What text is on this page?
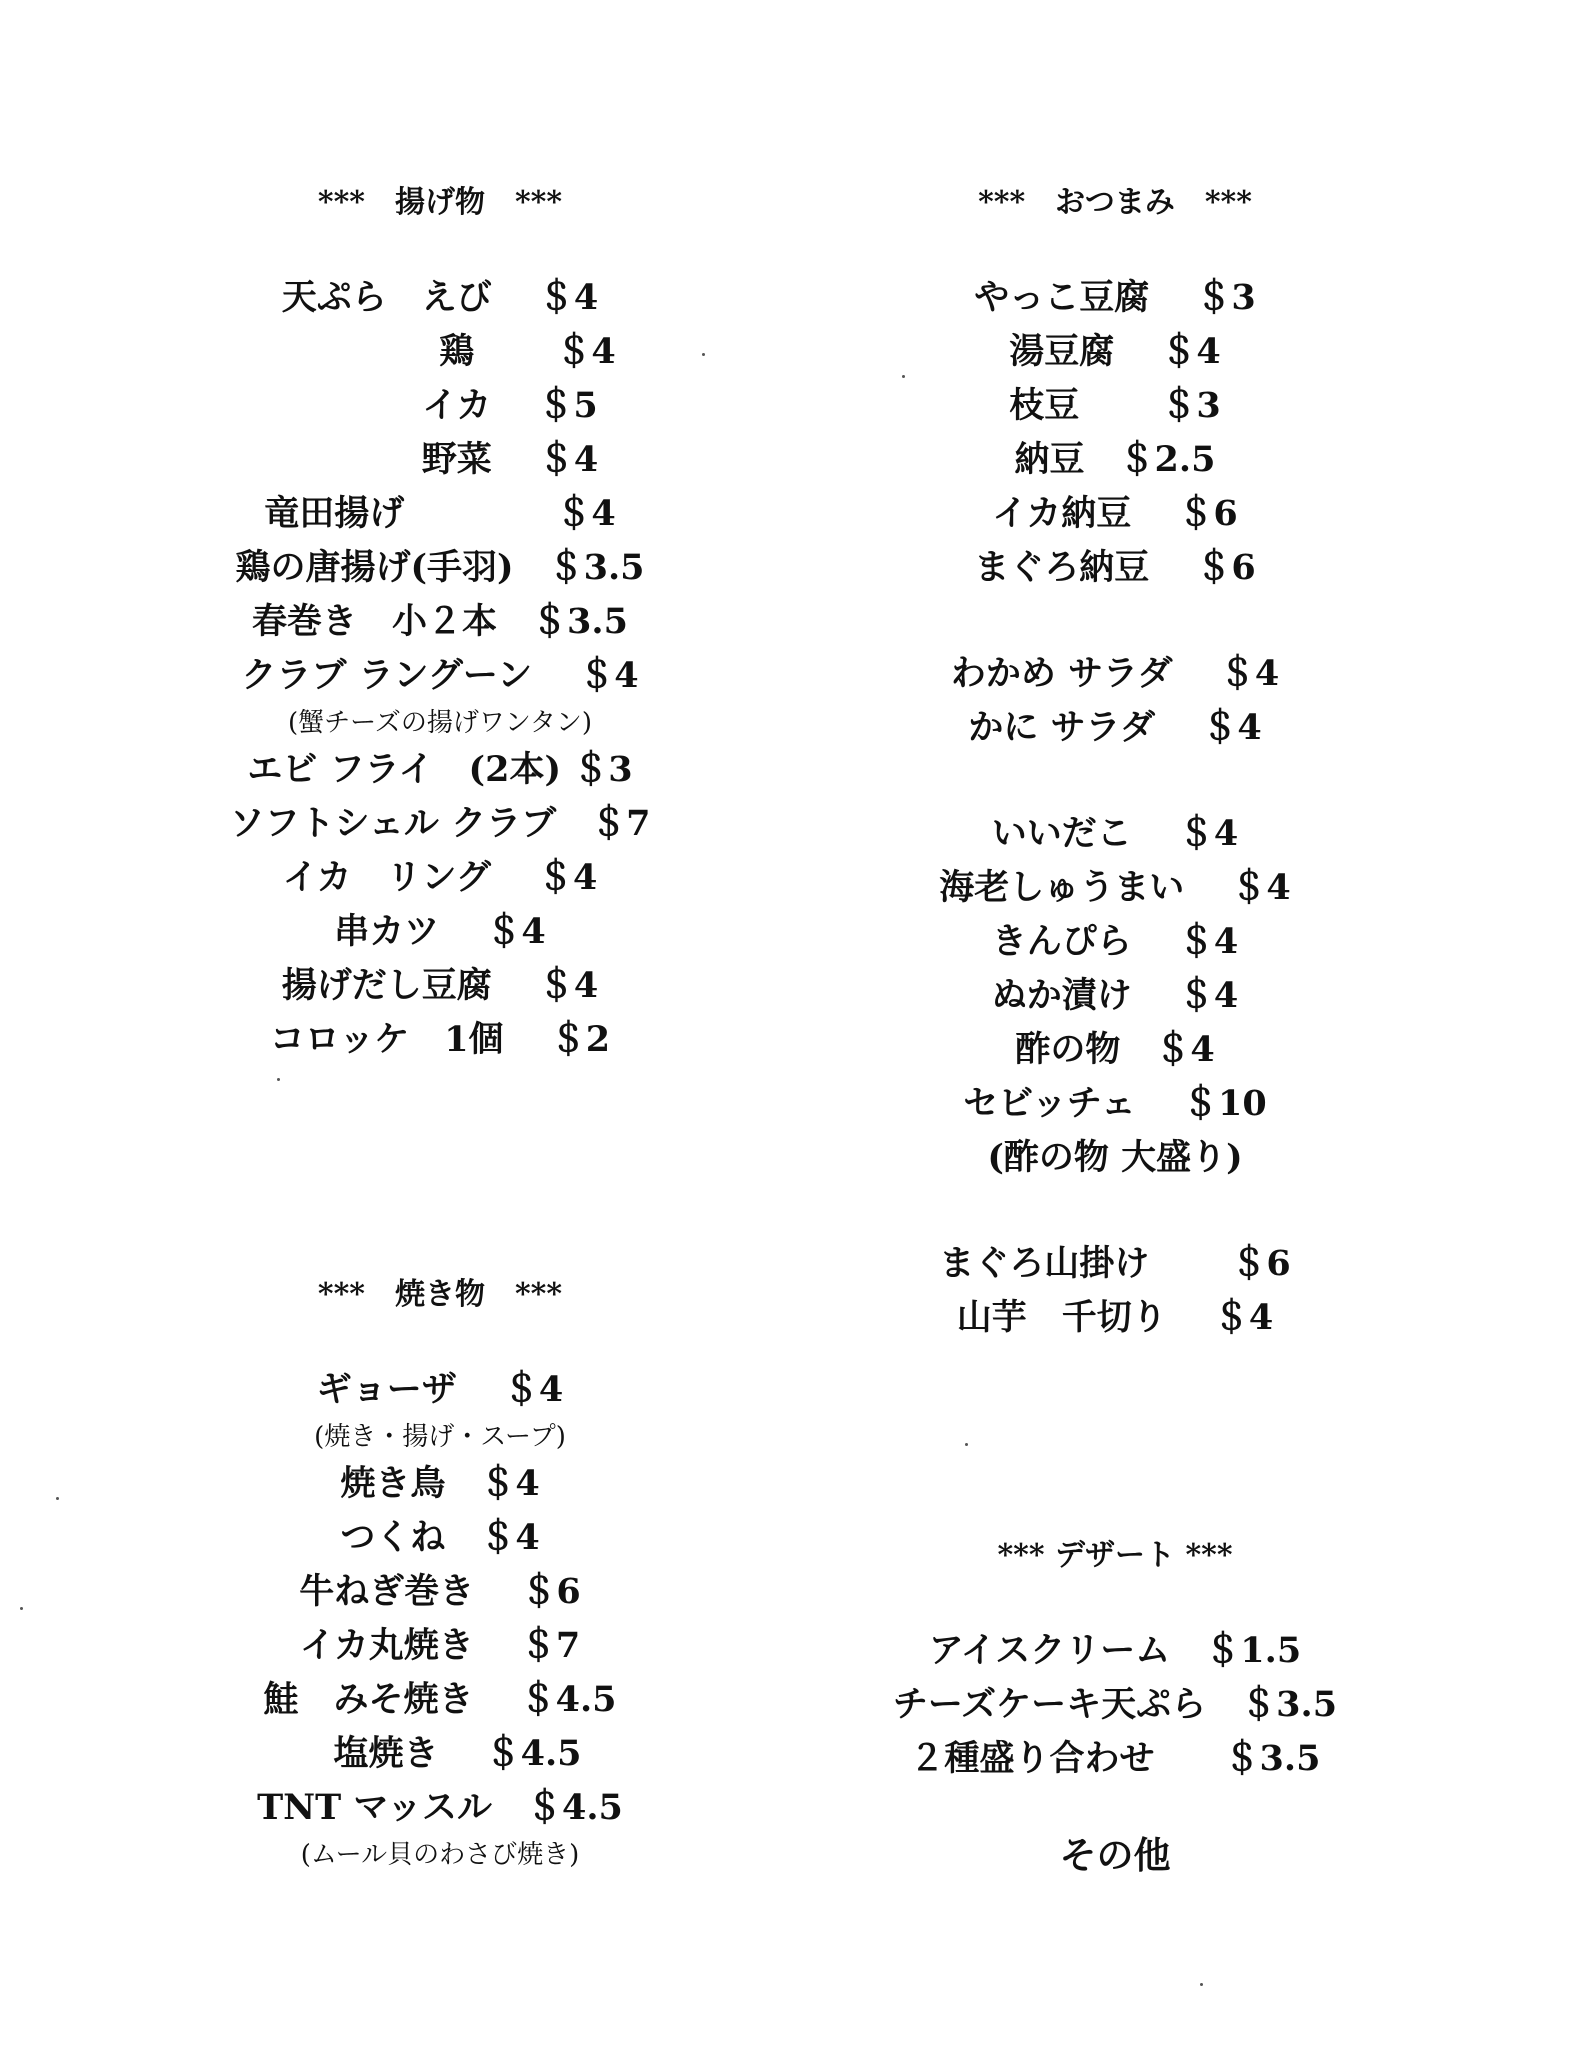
***　揚げ物　***
天ぷら　えび　 ＄4
　　　　　鶏　　 ＄4
　　　　イカ　 ＄5
　　　　野菜　 ＄4
竜田揚げ　　　　 ＄4
鶏の唐揚げ(手羽)　＄3.5
春巻き　小２本　＄3.5
クラブ ラングーン　 ＄4
(蟹チーズの揚げワンタン)
エビ フライ　(2本) ＄3
ソフトシェル クラブ　＄7
イカ　リング　 ＄4
串カツ　 ＄4
揚げだし豆腐　 ＄4
コロッケ　1個　 ＄2
***　焼き物　***
ギョーザ　 ＄4
(焼き・揚げ・スープ)
焼き鳥　＄4
つくね　＄4
牛ねぎ巻き　 ＄6
イカ丸焼き　 ＄7
鮭　みそ焼き　 ＄4.5
　塩焼き　 ＄4.5
TNT マッスル　＄4.5
(ムール貝のわさび焼き)
***　おつまみ　***
やっこ豆腐　 ＄3
湯豆腐　 ＄4
枝豆　　 ＄3
納豆　＄2.5
イカ納豆　 ＄6
まぐろ納豆　 ＄6
わかめ サラダ　 ＄4
かに サラダ　 ＄4
いいだこ　 ＄4
海老しゅうまい　 ＄4
きんぴら　 ＄4
ぬか漬け　 ＄4
酢の物　＄4
セビッチェ　 ＄10
(酢の物 大盛り)
まぐろ山掛け　　 ＄6
山芋　千切り　 ＄4
*** デザート ***
アイスクリーム　＄1.5
チーズケーキ天ぷら　＄3.5
２種盛り合わせ　　＄3.5
その他
